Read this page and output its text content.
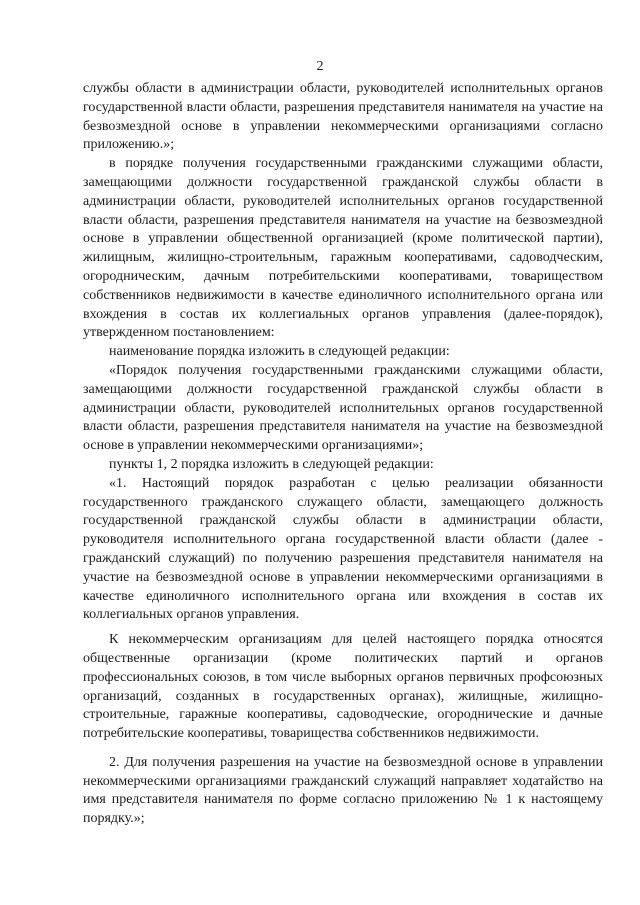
2

службы области в администрации области, руководителей исполнительных органов государственной власти области, разрешения представителя нанимателя на участие на безвозмездной основе в управлении некоммерческими организациями согласно приложению.»;

в порядке получения государственными гражданскими служащими области, замещающими должности государственной гражданской службы области в администрации области, руководителей исполнительных органов государственной власти области, разрешения представителя нанимателя на участие на безвозмездной основе в управлении общественной организацией (кроме политической партии), жилищным, жилищно-строительным, гаражным кооперативами, садоводческим, огородническим, дачным потребительскими кооперативами, товариществом собственников недвижимости в качестве единоличного исполнительного органа или вхождения в состав их коллегиальных органов управления (далее-порядок), утвержденном постановлением:

наименование порядка изложить в следующей редакции:

«Порядок получения государственными гражданскими служащими области, замещающими должности государственной гражданской службы области в администрации области, руководителей исполнительных органов государственной власти области, разрешения представителя нанимателя на участие на безвозмездной основе в управлении некоммерческими организациями»;

пункты 1, 2 порядка изложить в следующей редакции:

«1. Настоящий порядок разработан с целью реализации обязанности государственного гражданского служащего области, замещающего должность государственной гражданской службы области в администрации области, руководителя исполнительного органа государственной власти области (далее - гражданский служащий) по получению разрешения представителя нанимателя на участие на безвозмездной основе в управлении некоммерческими организациями в качестве единоличного исполнительного органа или вхождения в состав их коллегиальных органов управления.

К некоммерческим организациям для целей настоящего порядка относятся общественные организации (кроме политических партий и органов профессиональных союзов, в том числе выборных органов первичных профсоюзных организаций, созданных в государственных органах), жилищные, жилищно-строительные, гаражные кооперативы, садоводческие, огороднические и дачные потребительские кооперативы, товарищества собственников недвижимости.

2. Для получения разрешения на участие на безвозмездной основе в управлении некоммерческими организациями гражданский служащий направляет ходатайство на имя представителя нанимателя по форме согласно приложению № 1 к настоящему порядку.»;
